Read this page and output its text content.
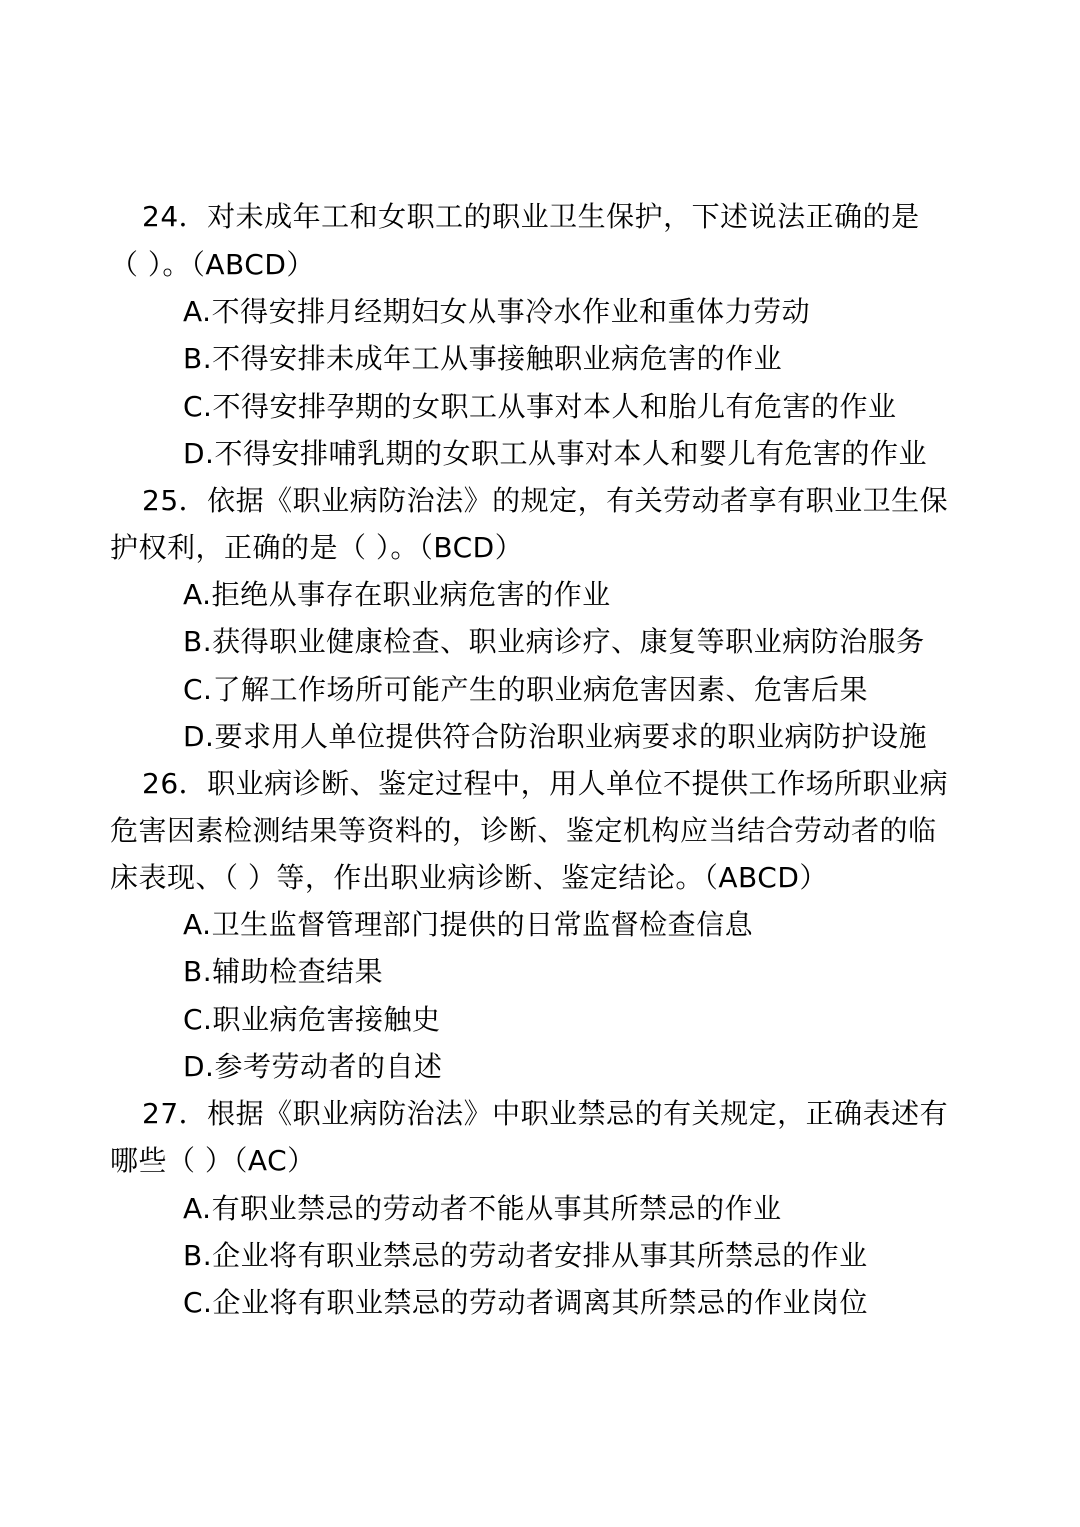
24．对未成年工和女职工的职业卫生保护，下述说法正确的是
（ ）。（ABCD）
A.不得安排月经期妇女从事冷水作业和重体力劳动
B.不得安排未成年工从事接触职业病危害的作业
C.不得安排孕期的女职工从事对本人和胎儿有危害的作业
D.不得安排哺乳期的女职工从事对本人和婴儿有危害的作业
25．依据《职业病防治法》的规定，有关劳动者享有职业卫生保
护权利，正确的是（ ）。（BCD）
A.拒绝从事存在职业病危害的作业
B.获得职业健康检查、职业病诊疗、康复等职业病防治服务
C.了解工作场所可能产生的职业病危害因素、危害后果
D.要求用人单位提供符合防治职业病要求的职业病防护设施
26．职业病诊断、鉴定过程中，用人单位不提供工作场所职业病
危害因素检测结果等资料的，诊断、鉴定机构应当结合劳动者的临
床表现、（ ）等，作出职业病诊断、鉴定结论。（ABCD）
A.卫生监督管理部门提供的日常监督检查信息
B.辅助检查结果
C.职业病危害接触史
D.参考劳动者的自述
27．根据《职业病防治法》中职业禁忌的有关规定，正确表述有
哪些（ ）（AC）
A.有职业禁忌的劳动者不能从事其所禁忌的作业
B.企业将有职业禁忌的劳动者安排从事其所禁忌的作业
C.企业将有职业禁忌的劳动者调离其所禁忌的作业岗位
